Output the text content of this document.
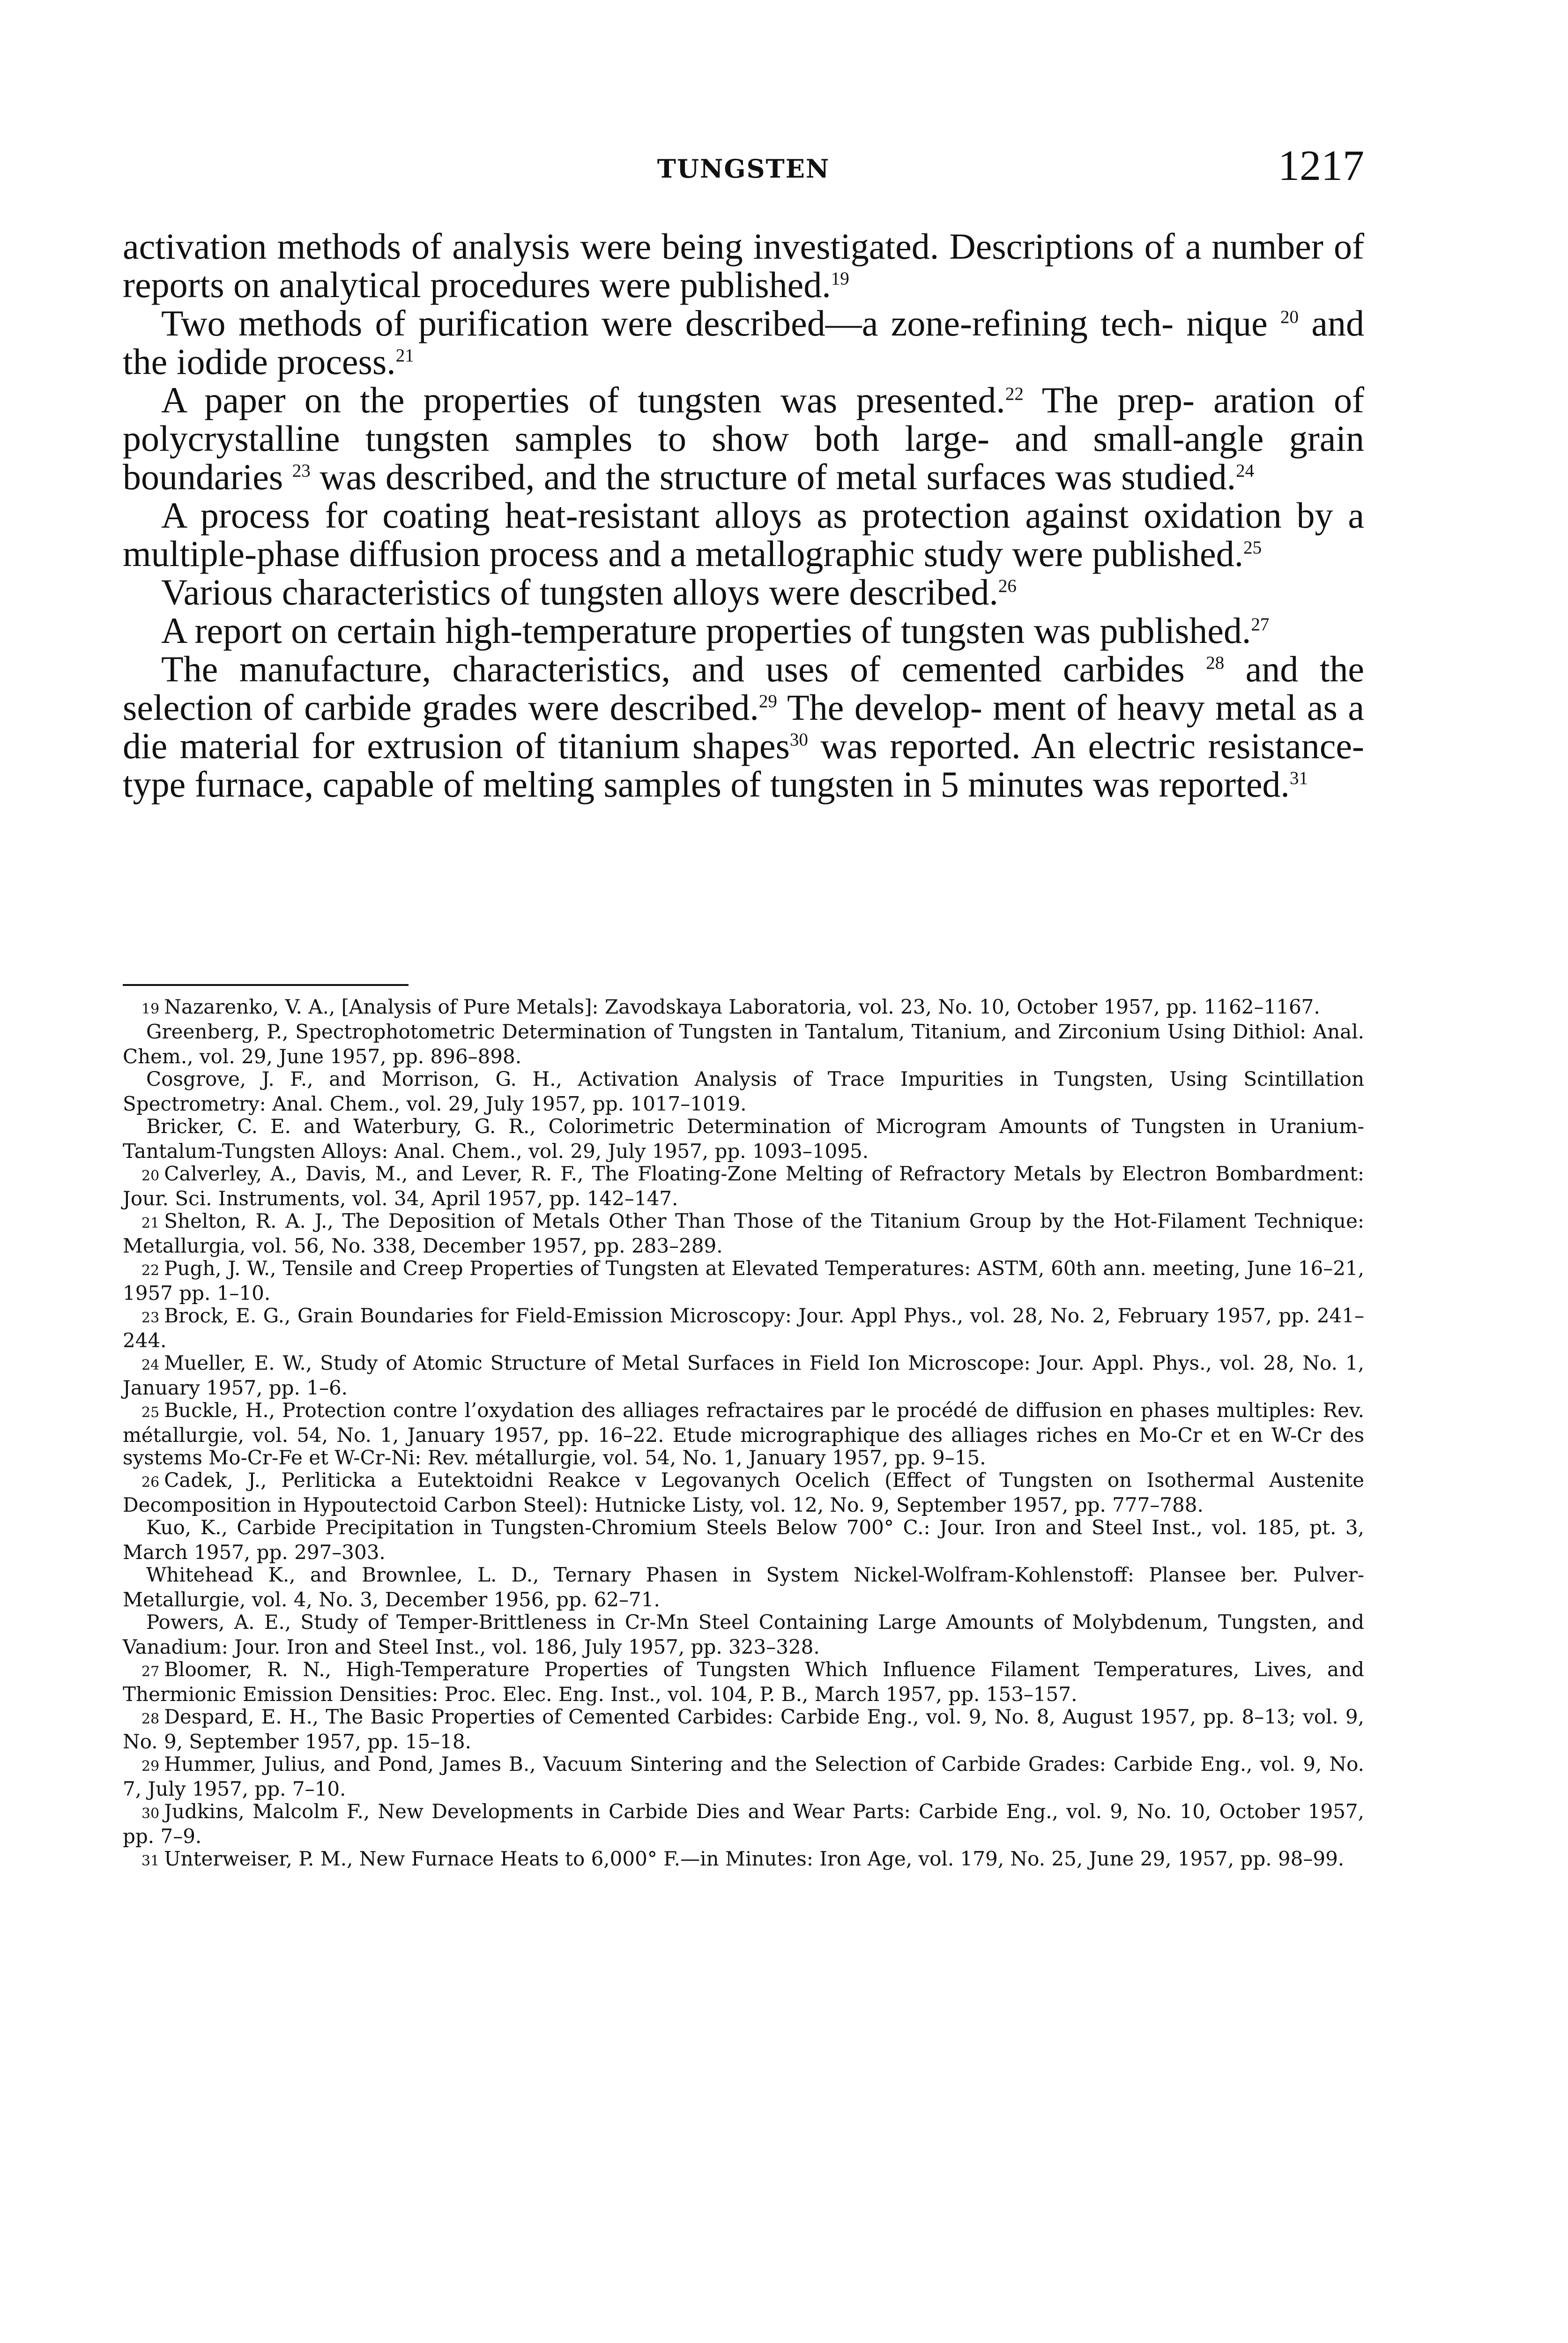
TUNGSTEN	1217

activation methods of analysis were being investigated. Descriptions of a number of reports on analytical procedures were published.$^{19}$

Two methods of purification were described—a zone-refining tech- nique $^{20}$ and the iodide process.$^{21}$

A paper on the properties of tungsten was presented.$^{22}$ The prep- aration of polycrystalline tungsten samples to show both large- and small-angle grain boundaries $^{23}$ was described, and the structure of metal surfaces was studied.$^{24}$

A process for coating heat-resistant alloys as protection against oxidation by a multiple-phase diffusion process and a metallographic study were published.$^{25}$

Various characteristics of tungsten alloys were described.$^{26}$

A report on certain high-temperature properties of tungsten was published.$^{27}$

The manufacture, characteristics, and uses of cemented carbides $^{28}$ and the selection of carbide grades were described.$^{29}$ The develop- ment of heavy metal as a die material for extrusion of titanium shapes$^{30}$ was reported. An electric resistance-type furnace, capable of melting samples of tungsten in 5 minutes was reported.$^{31}$

19 Nazarenko, V. A., [Analysis of Pure Metals]: Zavodskaya Laboratoria, vol. 23, No. 10, October 1957, pp. 1162–1167.

Greenberg, P., Spectrophotometric Determination of Tungsten in Tantalum, Titanium, and Zirconium Using Dithiol: Anal. Chem., vol. 29, June 1957, pp. 896–898.

Cosgrove, J. F., and Morrison, G. H., Activation Analysis of Trace Impurities in Tungsten, Using Scintillation Spectrometry: Anal. Chem., vol. 29, July 1957, pp. 1017–1019.

Bricker, C. E. and Waterbury, G. R., Colorimetric Determination of Microgram Amounts of Tungsten in Uranium-Tantalum-Tungsten Alloys: Anal. Chem., vol. 29, July 1957, pp. 1093–1095.

20 Calverley, A., Davis, M., and Lever, R. F., The Floating-Zone Melting of Refractory Metals by Electron Bombardment: Jour. Sci. Instruments, vol. 34, April 1957, pp. 142–147.

21 Shelton, R. A. J., The Deposition of Metals Other Than Those of the Titanium Group by the Hot-Filament Technique: Metallurgia, vol. 56, No. 338, December 1957, pp. 283–289.

22 Pugh, J. W., Tensile and Creep Properties of Tungsten at Elevated Temperatures: ASTM, 60th ann. meeting, June 16–21, 1957 pp. 1–10.

23 Brock, E. G., Grain Boundaries for Field-Emission Microscopy: Jour. Appl Phys., vol. 28, No. 2, February 1957, pp. 241–244.

24 Mueller, E. W., Study of Atomic Structure of Metal Surfaces in Field Ion Microscope: Jour. Appl. Phys., vol. 28, No. 1, January 1957, pp. 1–6.

25 Buckle, H., Protection contre l’oxydation des alliages refractaires par le procédé de diffusion en phases multiples: Rev. métallurgie, vol. 54, No. 1, January 1957, pp. 16–22. Etude micrographique des alliages riches en Mo-Cr et en W-Cr des systems Mo-Cr-Fe et W-Cr-Ni: Rev. métallurgie, vol. 54, No. 1, January 1957, pp. 9–15.

26 Cadek, J., Perliticka a Eutektoidni Reakce v Legovanych Ocelich (Effect of Tungsten on Isothermal Austenite Decomposition in Hypoutectoid Carbon Steel): Hutnicke Listy, vol. 12, No. 9, September 1957, pp. 777–788.

Kuo, K., Carbide Precipitation in Tungsten-Chromium Steels Below 700° C.: Jour. Iron and Steel Inst., vol. 185, pt. 3, March 1957, pp. 297–303.

Whitehead K., and Brownlee, L. D., Ternary Phasen in System Nickel-Wolfram-Kohlenstoff: Plansee ber. Pulver-Metallurgie, vol. 4, No. 3, December 1956, pp. 62–71.

Powers, A. E., Study of Temper-Brittleness in Cr-Mn Steel Containing Large Amounts of Molybdenum, Tungsten, and Vanadium: Jour. Iron and Steel Inst., vol. 186, July 1957, pp. 323–328.

27 Bloomer, R. N., High-Temperature Properties of Tungsten Which Influence Filament Temperatures, Lives, and Thermionic Emission Densities: Proc. Elec. Eng. Inst., vol. 104, P. B., March 1957, pp. 153–157.

28 Despard, E. H., The Basic Properties of Cemented Carbides: Carbide Eng., vol. 9, No. 8, August 1957, pp. 8–13; vol. 9, No. 9, September 1957, pp. 15–18.

29 Hummer, Julius, and Pond, James B., Vacuum Sintering and the Selection of Carbide Grades: Carbide Eng., vol. 9, No. 7, July 1957, pp. 7–10.

30 Judkins, Malcolm F., New Developments in Carbide Dies and Wear Parts: Carbide Eng., vol. 9, No. 10, October 1957, pp. 7–9.

31 Unterweiser, P. M., New Furnace Heats to 6,000° F.—in Minutes: Iron Age, vol. 179, No. 25, June 29, 1957, pp. 98–99.
